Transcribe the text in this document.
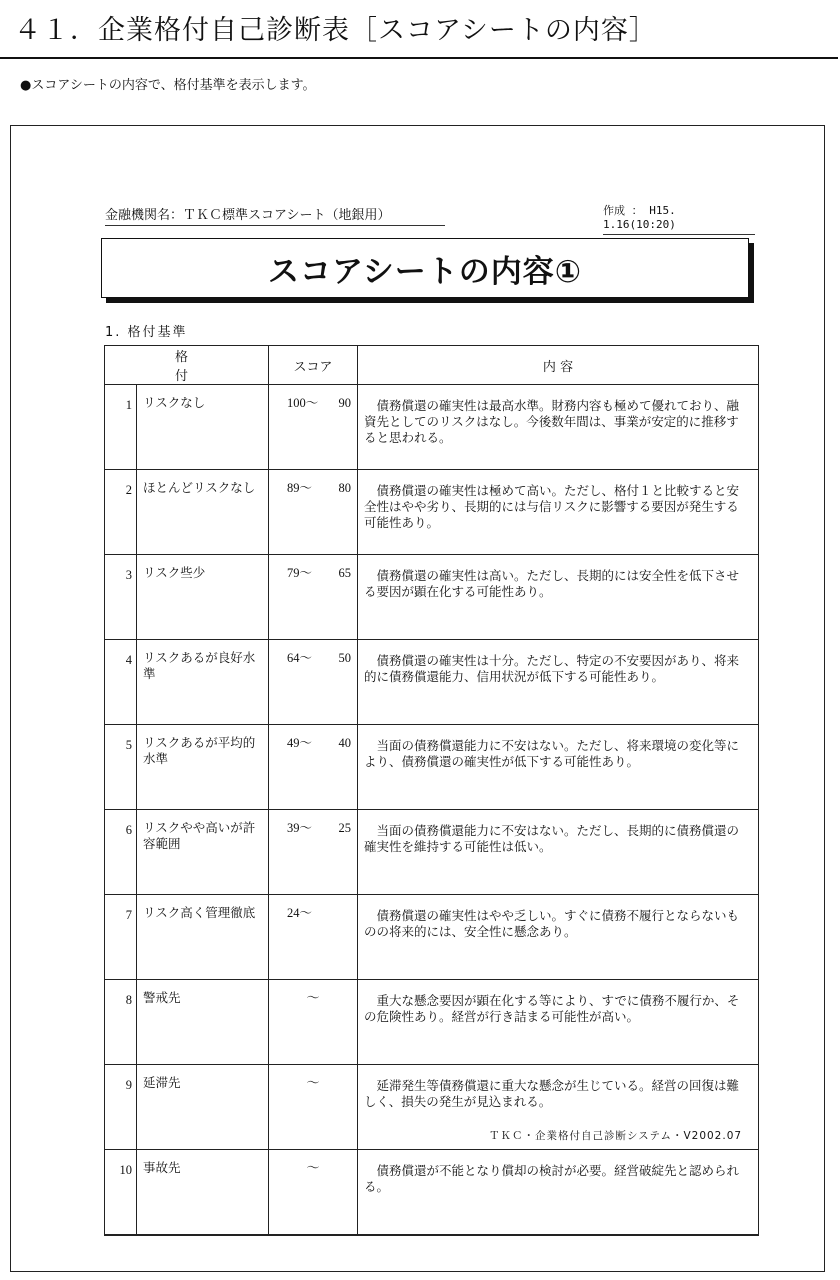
４１．企業格付自己診断表［スコアシートの内容］
●スコアシートの内容で、格付基準を表示します。
金融機関名：ＴＫＣ標準スコアシート（地銀用）	作成 ： H15. 1.16(10:20)
スコアシートの内容①
1. 格付基準
格付		スコア	内 容
1	リスクなし	100～ 90	債務償還の確実性は最高水準。財務内容も極めて優れており、融資先としてのリスクはなし。今後数年間は、事業が安定的に推移すると思われる。
2	ほとんどリスクなし	89～ 80	債務償還の確実性は極めて高い。ただし、格付１と比較すると安全性はやや劣り、長期的には与信リスクに影響する要因が発生する可能性あり。
3	リスク些少	79～ 65	債務償還の確実性は高い。ただし、長期的には安全性を低下させる要因が顕在化する可能性あり。
4	リスクあるが良好水準	64～ 50	債務償還の確実性は十分。ただし、特定の不安要因があり、将来的に債務償還能力、信用状況が低下する可能性あり。
5	リスクあるが平均的水準	49～ 40	当面の債務償還能力に不安はない。ただし、将来環境の変化等により、債務償還の確実性が低下する可能性あり。
6	リスクやや高いが許容範囲	39～ 25	当面の債務償還能力に不安はない。ただし、長期的に債務償還の確実性を維持する可能性は低い。
7	リスク高く管理徹底	24～	債務償還の確実性はやや乏しい。すぐに債務不履行とならないものの将来的には、安全性に懸念あり。
8	警戒先	～	重大な懸念要因が顕在化する等により、すでに債務不履行か、その危険性あり。経営が行き詰まる可能性が高い。
9	延滞先	～	延滞発生等債務償還に重大な懸念が生じている。経営の回復は難しく、損失の発生が見込まれる。
10	事故先	～	債務償還が不能となり償却の検討が必要。経営破綻先と認められる。
ＴＫＣ・企業格付自己診断システム・V2002.07
